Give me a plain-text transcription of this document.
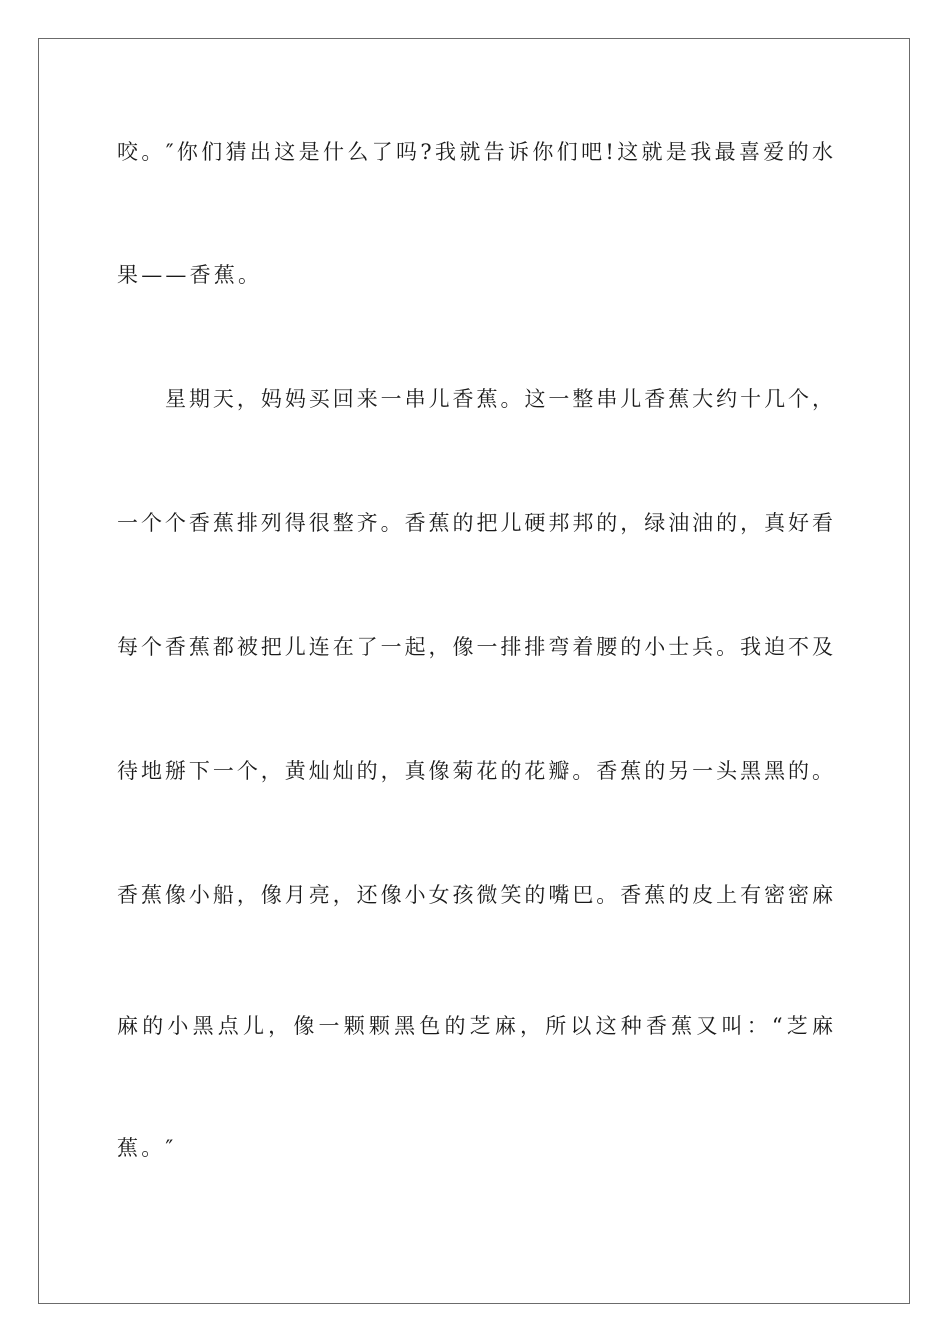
咬。″你们猜出这是什么了吗?我就告诉你们吧!这就是我最喜爱的水
果——香蕉。
星期天，妈妈买回来一串儿香蕉。这一整串儿香蕉大约十几个，
一个个香蕉排列得很整齐。香蕉的把儿硬邦邦的，绿油油的，真好看
每个香蕉都被把儿连在了一起，像一排排弯着腰的小士兵。我迫不及
待地掰下一个，黄灿灿的，真像菊花的花瓣。香蕉的另一头黑黑的。
香蕉像小船，像月亮，还像小女孩微笑的嘴巴。香蕉的皮上有密密麻
麻的小黑点儿，像一颗颗黑色的芝麻，所以这种香蕉又叫：“芝麻
蕉。″
